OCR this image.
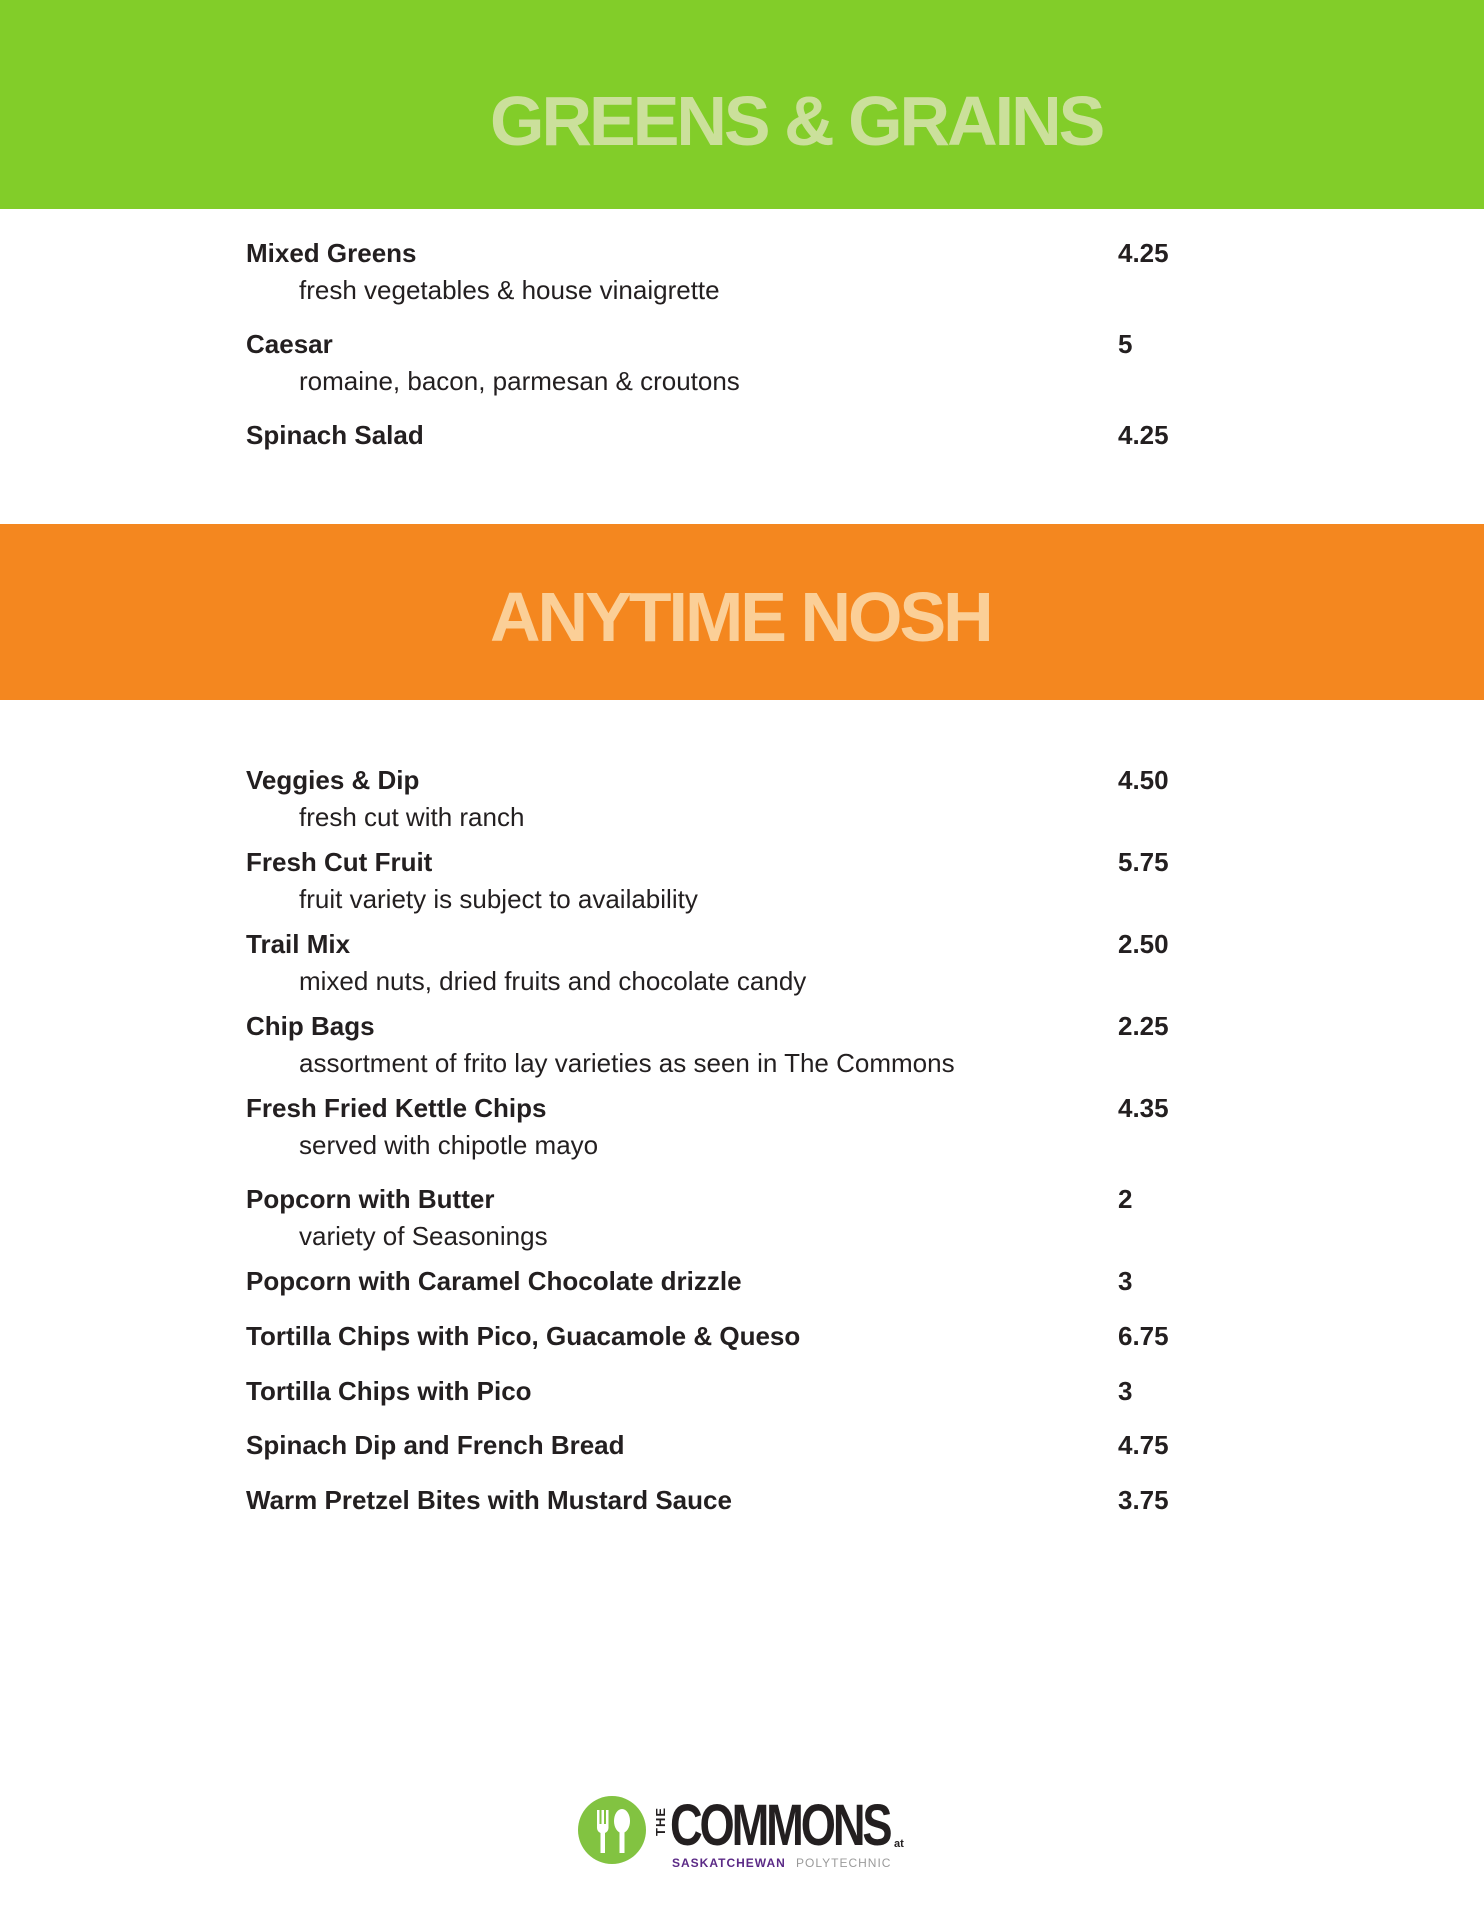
GREENS & GRAINS
ANYTIME NOSH
Mixed Greens	4.25
fresh vegetables & house vinaigrette
Caesar	5
romaine, bacon, parmesan & croutons
Spinach Salad	4.25
Veggies & Dip	4.50
fresh cut with ranch
Fresh Cut Fruit	5.75
fruit variety is subject to availability
Trail Mix	2.50
mixed nuts, dried fruits and chocolate candy
Chip Bags	2.25
assortment of frito lay varieties as seen in The Commons
Fresh Fried Kettle Chips	4.35
served with chipotle mayo
Popcorn with Butter	2
variety of Seasonings
Popcorn with Caramel Chocolate drizzle	3
Tortilla Chips with Pico, Guacamole & Queso	6.75
Tortilla Chips with Pico	3
Spinach Dip and French Bread	4.75
Warm Pretzel Bites with Mustard Sauce	3.75
THE COMMONS at
SASKATCHEWAN POLYTECHNIC
